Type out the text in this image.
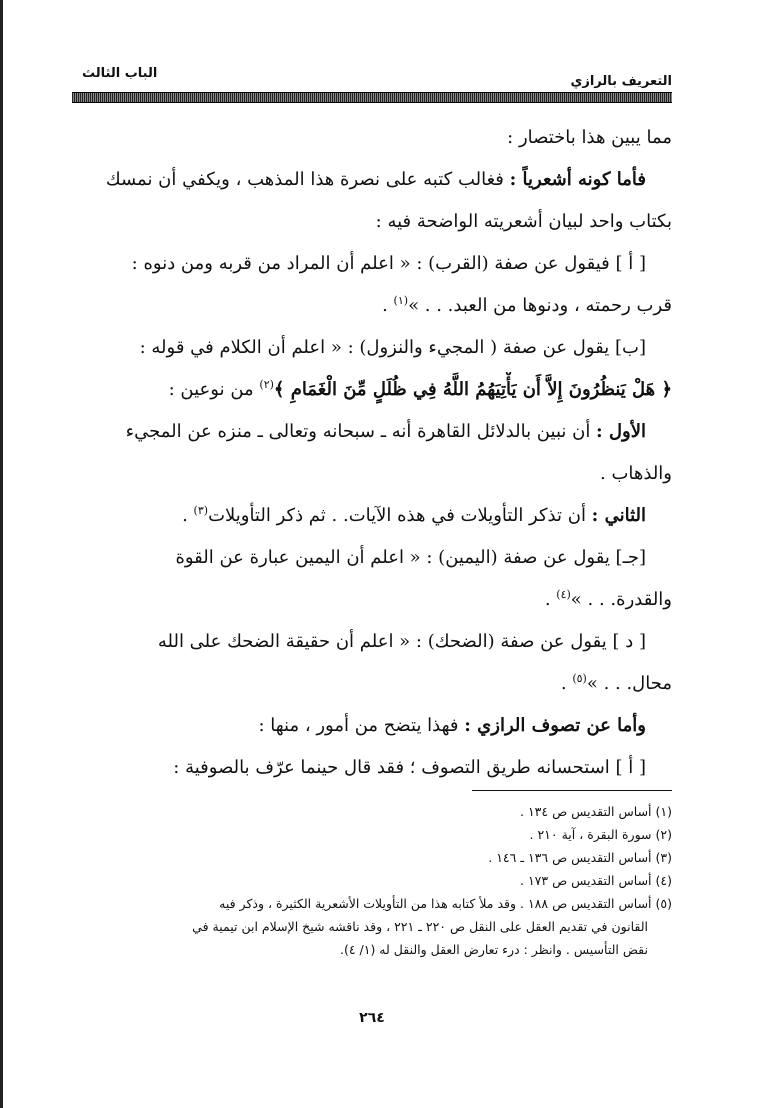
التعريف بالرازي
الباب الثالث
مما يبين هذا باختصار :
فأما كونه أشعرياً : فغالب كتبه على نصرة هذا المذهب ، ويكفي أن نمسك
بكتاب واحد لبيان أشعريته الواضحة فيه :
[ أ ] فيقول عن صفة (القرب) : « اعلم أن المراد من قربه ومن دنوه :
قرب رحمته ، ودنوها من العبد. . . »$^{(١)}$ .
[ب] يقول عن صفة ( المجيء والنزول) : « اعلم أن الكلام في قوله :
﴿ هَلْ يَنظُرُونَ إِلاَّ أَن يَأْتِيَهُمُ اللَّهُ فِي ظُلَلٍ مِّنَ الْغَمَامِ ﴾$^{(٢)}$ من نوعين :
الأول : أن نبين بالدلائل القاهرة أنه ـ سبحانه وتعالى ـ منزه عن المجيء
والذهاب .
الثاني : أن تذكر التأويلات في هذه الآيات. . ثم ذكر التأويلات$^{(٣)}$ .
[جـ] يقول عن صفة (اليمين) : « اعلم أن اليمين عبارة عن القوة
والقدرة. . . »$^{(٤)}$ .
[ د ] يقول عن صفة (الضحك) : « اعلم أن حقيقة الضحك على الله
محال. . . »$^{(٥)}$ .
وأما عن تصوف الرازي : فهذا يتضح من أمور ، منها :
[ أ ] استحسانه طريق التصوف ؛ فقد قال حينما عرّف بالصوفية :
(١) أساس التقديس ص ١٣٤ .
(٢) سورة البقرة ، آية ٢١٠ .
(٣) أساس التقديس ص ١٣٦ ـ ١٤٦ .
(٤) أساس التقديس ص ١٧٣ .
(٥) أساس التقديس ص ١٨٨ . وقد ملأ كتابه هذا من التأويلات الأشعرية الكثيرة ، وذكر فيه
القانون في تقديم العقل على النقل ص ٢٢٠ ـ ٢٢١ ، وقد ناقشه شيخ الإسلام ابن تيمية في
نقض التأسيس . وانظر : درء تعارض العقل والنقل له (١/ ٤).
٢٦٤
